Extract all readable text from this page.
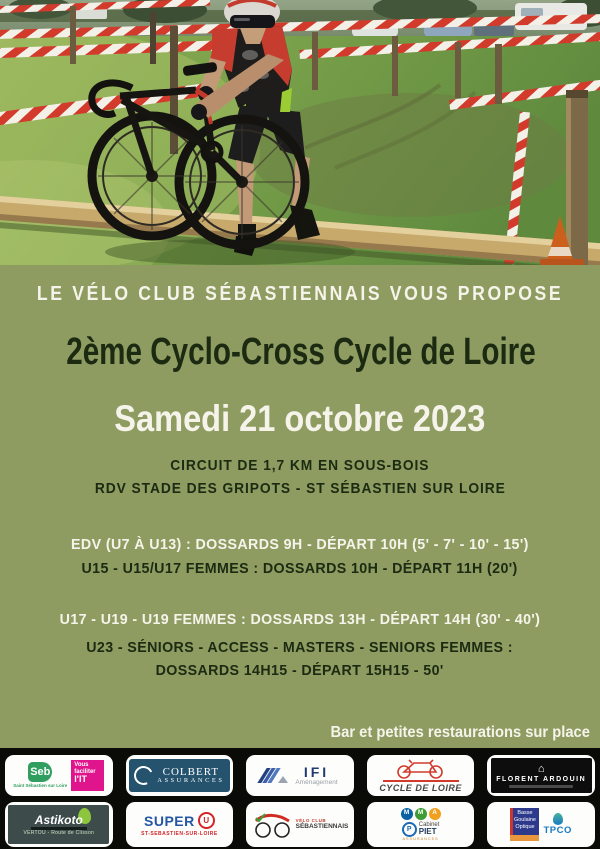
LE VÉLO CLUB SÉBASTIENNAIS VOUS PROPOSE
2ème Cyclo-Cross Cycle de Loire
Samedi 21 octobre 2023
CIRCUIT DE 1,7 KM EN SOUS-BOIS
RDV STADE DES GRIPOTS - ST SÉBASTIEN SUR LOIRE
EDV (U7 À U13) : DOSSARDS 9H - DÉPART 10H (5' - 7' - 10' - 15')
U15 - U15/U17 FEMMES : DOSSARDS 10H - DÉPART 11H (20')
U17 - U19 - U19 FEMMES : DOSSARDS 13H - DÉPART 14H (30' - 40')
U23 - SÉNIORS - ACCESS - MASTERS - SENIORS FEMMES :
DOSSARDS 14H15 - DÉPART 15H15 - 50'
Bar et petites restaurations sur place
Seb
Saint Sébastien sur Loire
Vous
faciliter
l'IT
COLBERT
ASSURANCES
IFI
Aménagement
CYCLE DE LOIRE
⌂
FLORENT ARDOUIN
Astikoto
VERTOU - Route de Clisson
SUPER	U
ST-SEBASTIEN-SUR-LOIRE
VÉLO CLUB
SÉBASTIENNAIS
M	M	A
P
Cabinet
PIET
ASSURANCES
Basse
Goulaine
Optique TPCO
